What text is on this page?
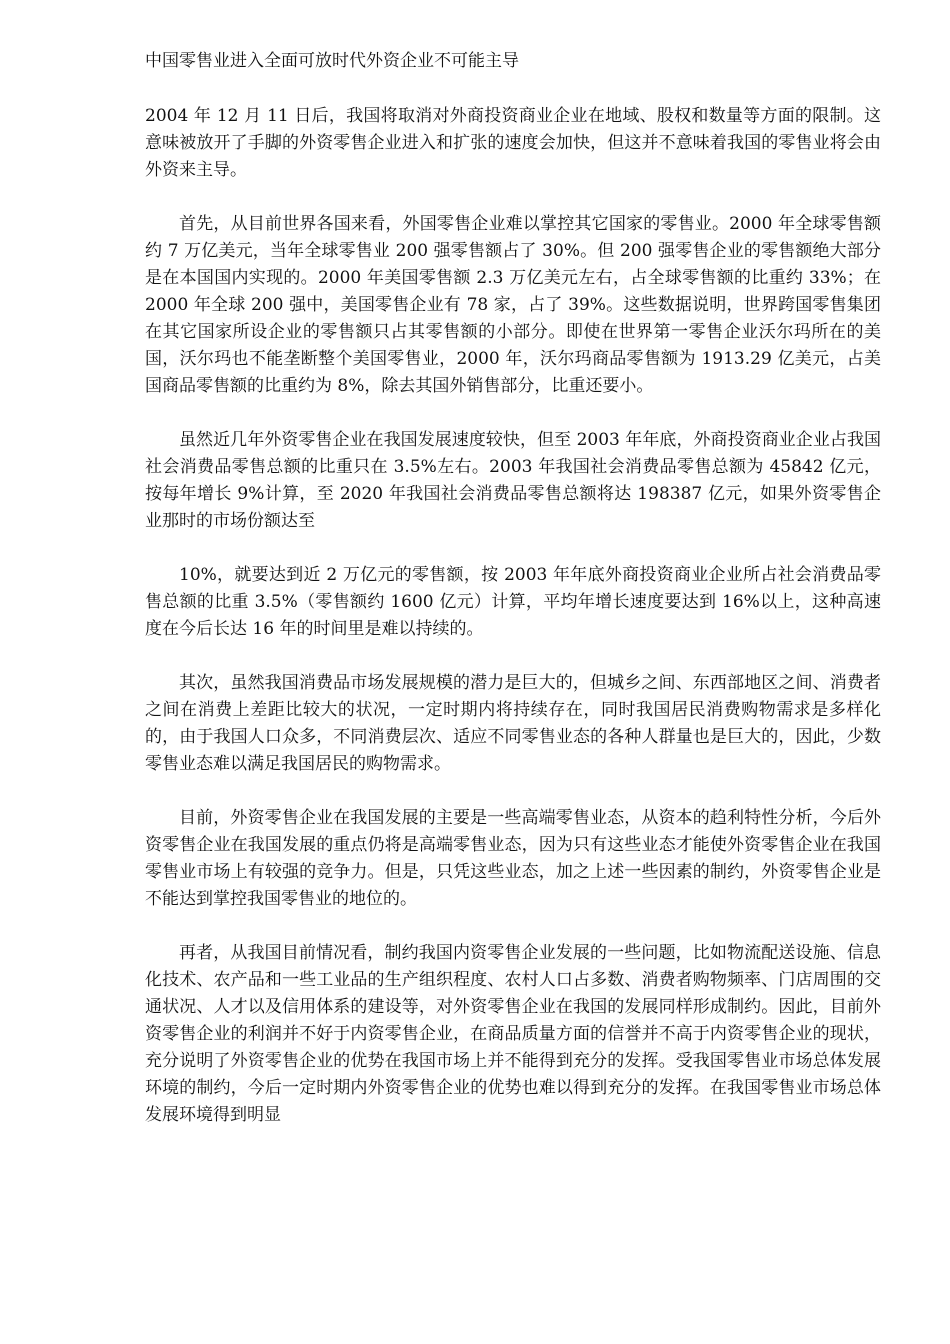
中国零售业进入全面可放时代外资企业不可能主导

2004 年 12 月 11 日后，我国将取消对外商投资商业企业在地域、股权和数量等方面的限制。这意味被放开了手脚的外资零售企业进入和扩张的速度会加快，但这并不意味着我国的零售业将会由外资来主导。

首先，从目前世界各国来看，外国零售企业难以掌控其它国家的零售业。2000 年全球零售额约 7 万亿美元，当年全球零售业 200 强零售额占了 30%。但 200 强零售企业的零售额绝大部分是在本国国内实现的。2000 年美国零售额 2.3 万亿美元左右，占全球零售额的比重约 33%；在 2000 年全球 200 强中，美国零售企业有 78 家，占了 39%。这些数据说明，世界跨国零售集团在其它国家所设企业的零售额只占其零售额的小部分。即使在世界第一零售企业沃尔玛所在的美国，沃尔玛也不能垄断整个美国零售业，2000 年，沃尔玛商品零售额为 1913.29 亿美元，占美国商品零售额的比重约为 8%，除去其国外销售部分，比重还要小。

虽然近几年外资零售企业在我国发展速度较快，但至 2003 年年底，外商投资商业企业占我国社会消费品零售总额的比重只在 3.5%左右。2003 年我国社会消费品零售总额为 45842 亿元，按每年增长 9%计算，至 2020 年我国社会消费品零售总额将达 198387 亿元，如果外资零售企业那时的市场份额达至

10%，就要达到近 2 万亿元的零售额，按 2003 年年底外商投资商业企业所占社会消费品零售总额的比重 3.5%（零售额约 1600 亿元）计算，平均年增长速度要达到 16%以上，这种高速度在今后长达 16 年的时间里是难以持续的。

其次，虽然我国消费品市场发展规模的潜力是巨大的，但城乡之间、东西部地区之间、消费者之间在消费上差距比较大的状况，一定时期内将持续存在，同时我国居民消费购物需求是多样化的，由于我国人口众多，不同消费层次、适应不同零售业态的各种人群量也是巨大的，因此，少数零售业态难以满足我国居民的购物需求。

目前，外资零售企业在我国发展的主要是一些高端零售业态，从资本的趋利特性分析，今后外资零售企业在我国发展的重点仍将是高端零售业态，因为只有这些业态才能使外资零售企业在我国零售业市场上有较强的竞争力。但是，只凭这些业态，加之上述一些因素的制约，外资零售企业是不能达到掌控我国零售业的地位的。

再者，从我国目前情况看，制约我国内资零售企业发展的一些问题，比如物流配送设施、信息化技术、农产品和一些工业品的生产组织程度、农村人口占多数、消费者购物频率、门店周围的交通状况、人才以及信用体系的建设等，对外资零售企业在我国的发展同样形成制约。因此，目前外资零售企业的利润并不好于内资零售企业，在商品质量方面的信誉并不高于内资零售企业的现状，充分说明了外资零售企业的优势在我国市场上并不能得到充分的发挥。受我国零售业市场总体发展环境的制约，今后一定时期内外资零售企业的优势也难以得到充分的发挥。在我国零售业市场总体发展环境得到明显
